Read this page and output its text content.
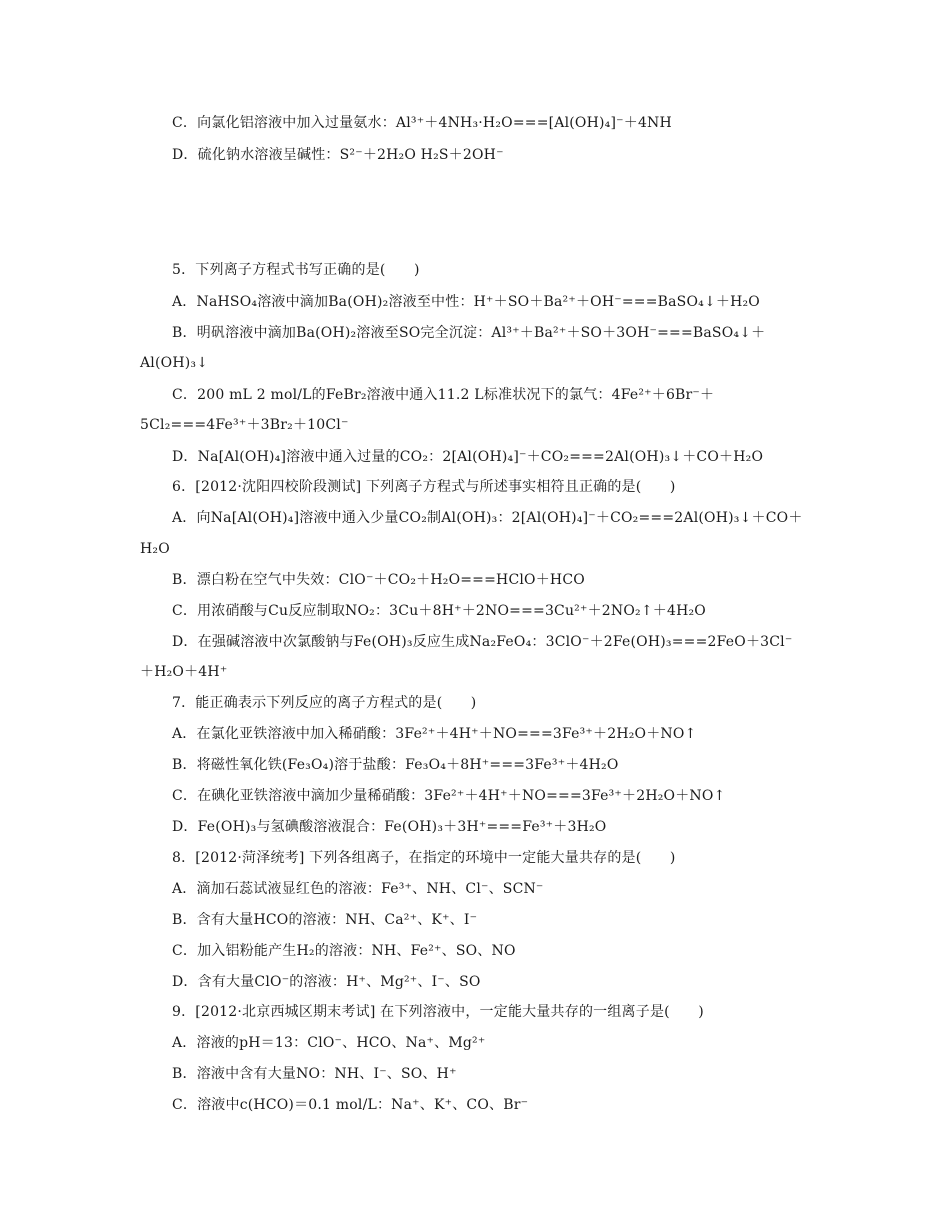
C．向氯化铝溶液中加入过量氨水：Al³⁺＋4NH₃·H₂O===[Al(OH)₄]⁻＋4NH
D．硫化钠水溶液呈碱性：S²⁻＋2H₂O H₂S＋2OH⁻
5．下列离子方程式书写正确的是(　　)
A．NaHSO₄溶液中滴加Ba(OH)₂溶液至中性：H⁺＋SO＋Ba²⁺＋OH⁻===BaSO₄↓＋H₂O
B．明矾溶液中滴加Ba(OH)₂溶液至SO完全沉淀：Al³⁺＋Ba²⁺＋SO＋3OH⁻===BaSO₄↓＋
Al(OH)₃↓
C．200 mL 2 mol/L的FeBr₂溶液中通入11.2 L标准状况下的氯气：4Fe²⁺＋6Br⁻＋
5Cl₂===4Fe³⁺＋3Br₂＋10Cl⁻
D．Na[Al(OH)₄]溶液中通入过量的CO₂：2[Al(OH)₄]⁻＋CO₂===2Al(OH)₃↓＋CO＋H₂O
6．[2012·沈阳四校阶段测试] 下列离子方程式与所述事实相符且正确的是(　　)
A．向Na[Al(OH)₄]溶液中通入少量CO₂制Al(OH)₃：2[Al(OH)₄]⁻＋CO₂===2Al(OH)₃↓＋CO＋
H₂O
B．漂白粉在空气中失效：ClO⁻＋CO₂＋H₂O===HClO＋HCO
C．用浓硝酸与Cu反应制取NO₂：3Cu＋8H⁺＋2NO===3Cu²⁺＋2NO₂↑＋4H₂O
D．在强碱溶液中次氯酸钠与Fe(OH)₃反应生成Na₂FeO₄：3ClO⁻＋2Fe(OH)₃===2FeO＋3Cl⁻
＋H₂O＋4H⁺
7．能正确表示下列反应的离子方程式的是(　　)
A．在氯化亚铁溶液中加入稀硝酸：3Fe²⁺＋4H⁺＋NO===3Fe³⁺＋2H₂O＋NO↑
B．将磁性氧化铁(Fe₃O₄)溶于盐酸：Fe₃O₄＋8H⁺===3Fe³⁺＋4H₂O
C．在碘化亚铁溶液中滴加少量稀硝酸：3Fe²⁺＋4H⁺＋NO===3Fe³⁺＋2H₂O＋NO↑
D．Fe(OH)₃与氢碘酸溶液混合：Fe(OH)₃＋3H⁺===Fe³⁺＋3H₂O
8．[2012·菏泽统考] 下列各组离子，在指定的环境中一定能大量共存的是(　　)
A．滴加石蕊试液显红色的溶液：Fe³⁺、NH、Cl⁻、SCN⁻
B．含有大量HCO的溶液：NH、Ca²⁺、K⁺、I⁻
C．加入铝粉能产生H₂的溶液：NH、Fe²⁺、SO、NO
D．含有大量ClO⁻的溶液：H⁺、Mg²⁺、I⁻、SO
9．[2012·北京西城区期末考试] 在下列溶液中，一定能大量共存的一组离子是(　　)
A．溶液的pH＝13：ClO⁻、HCO、Na⁺、Mg²⁺
B．溶液中含有大量NO：NH、I⁻、SO、H⁺
C．溶液中c(HCO)＝0.1 mol/L：Na⁺、K⁺、CO、Br⁻
